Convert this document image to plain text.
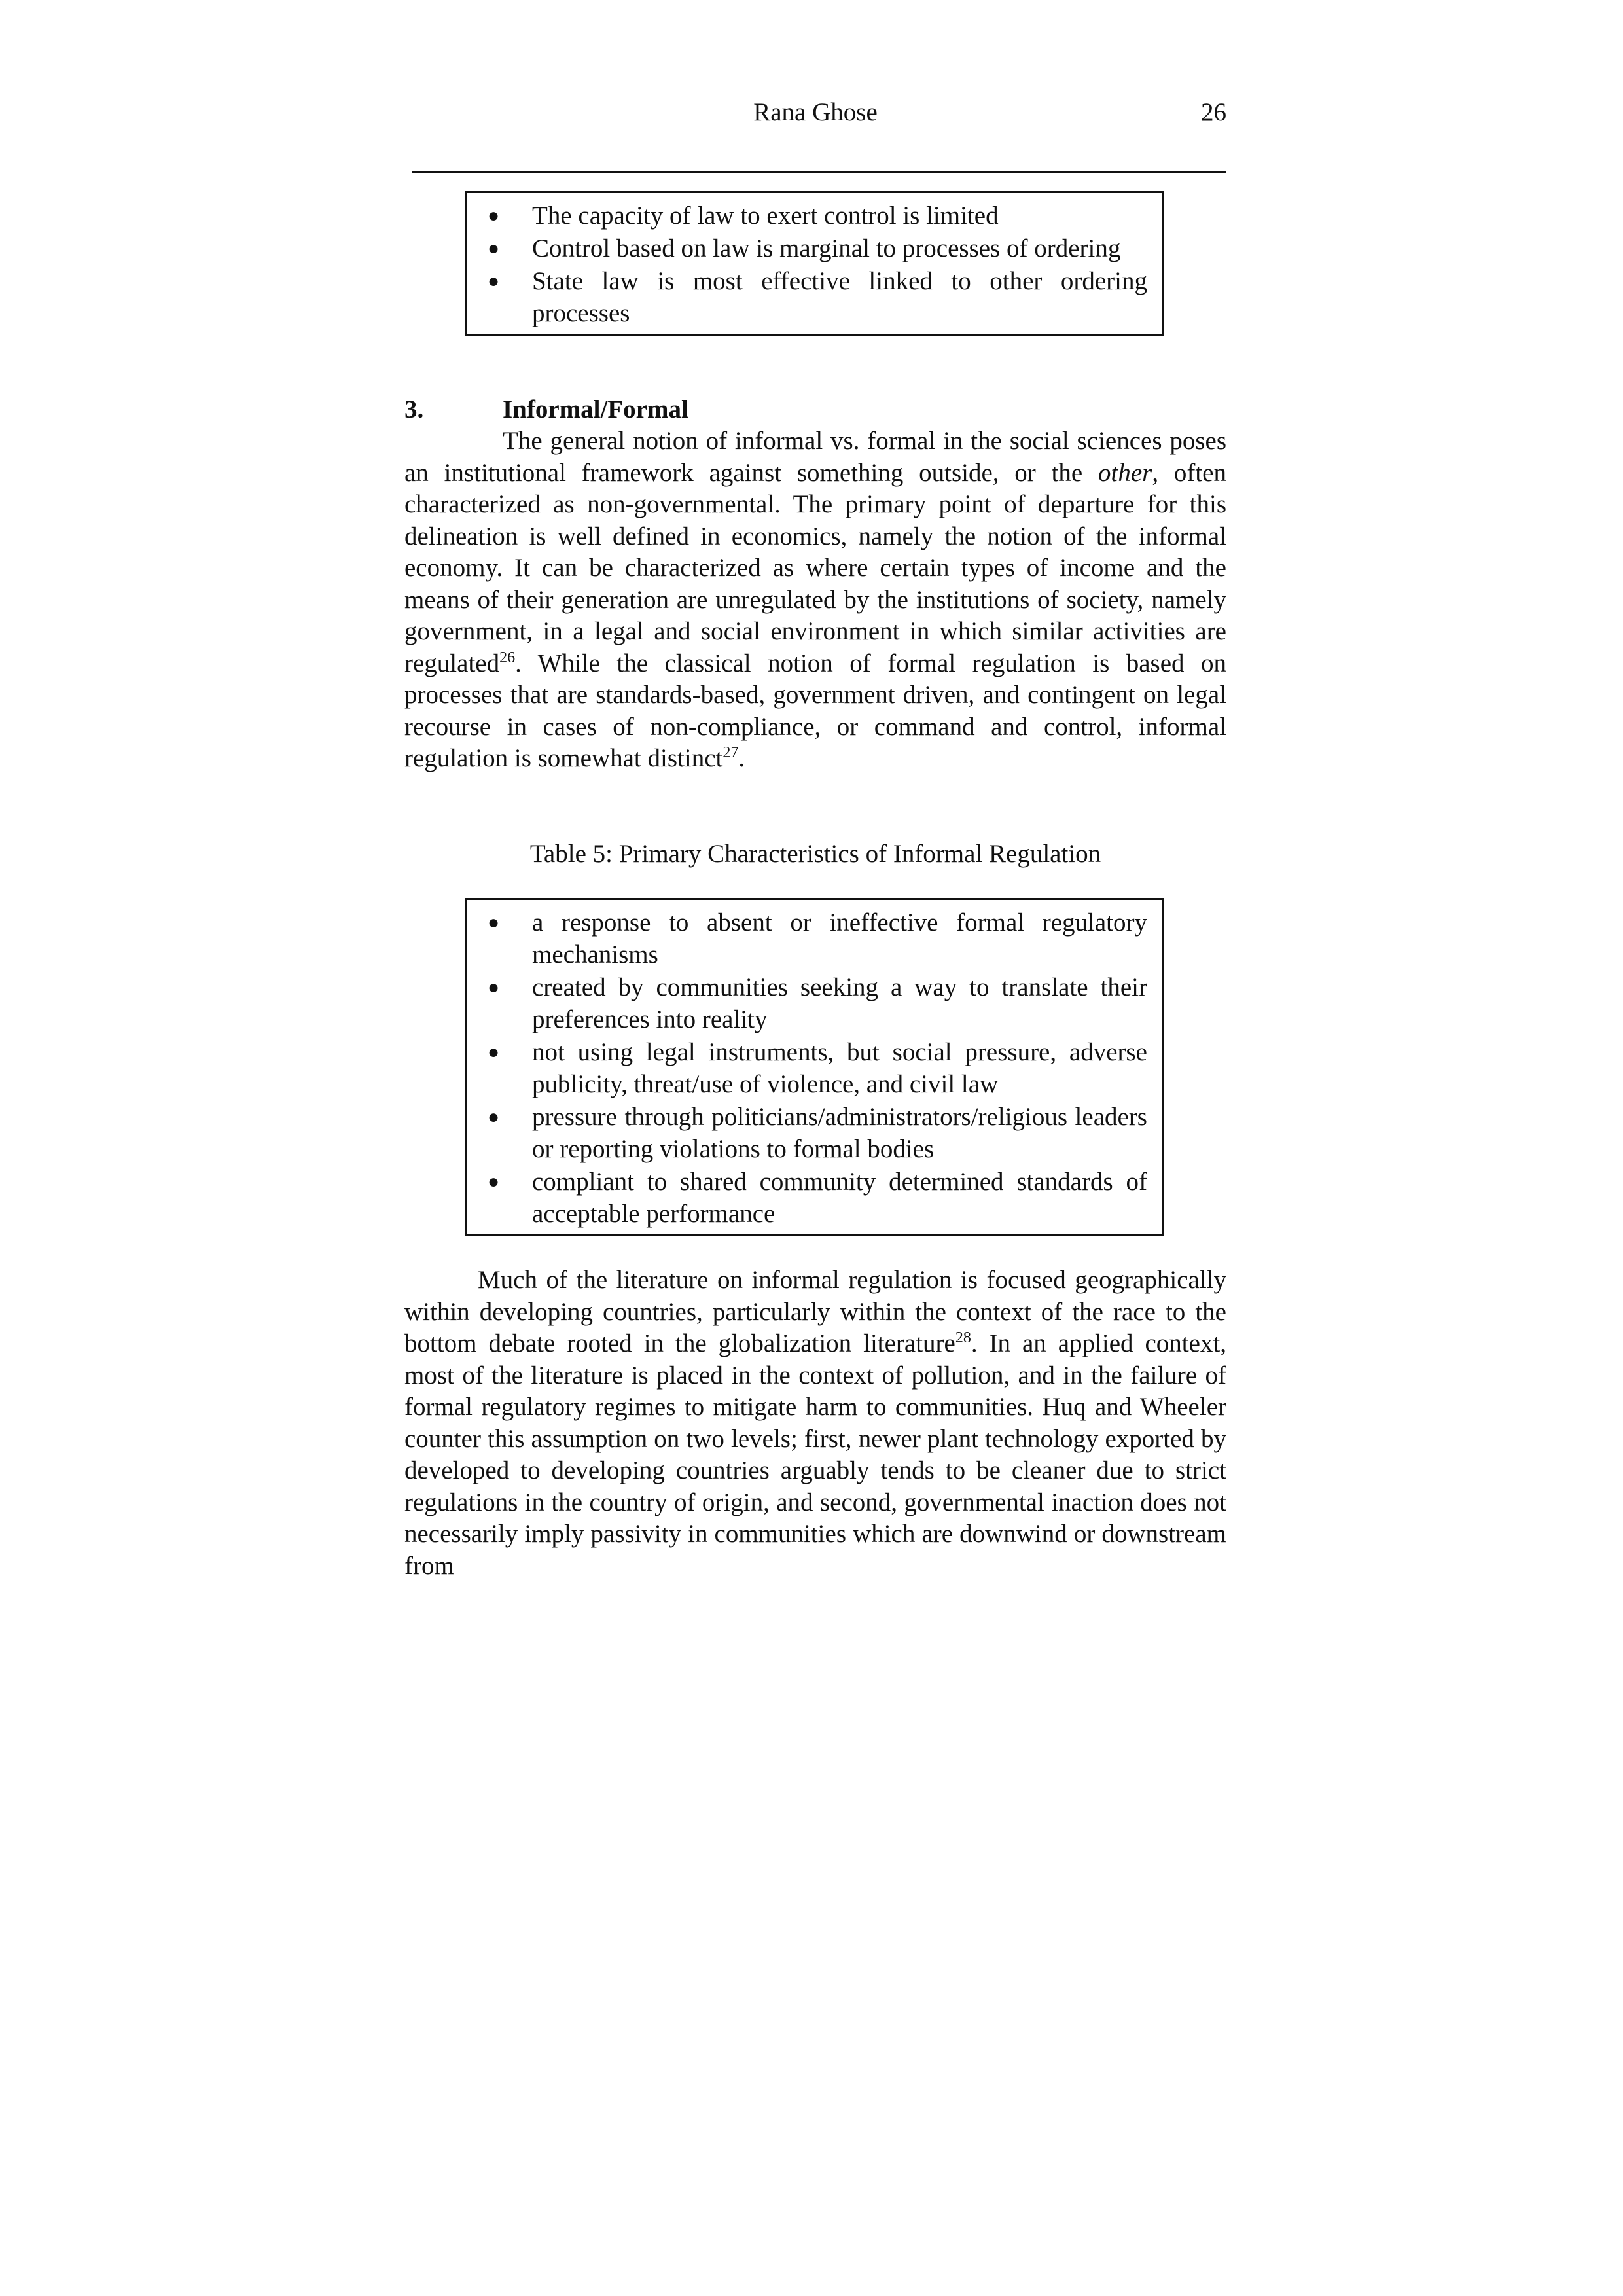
Rana Ghose	26
● The capacity of law to exert control is limited
● Control based on law is marginal to processes of ordering
● State law is most effective linked to other ordering processes
3.	Informal/Formal

The general notion of informal vs. formal in the social sciences poses an institutional framework against something outside, or the other, often characterized as non-governmental. The primary point of departure for this delineation is well defined in economics, namely the notion of the informal economy. It can be characterized as where certain types of income and the means of their generation are unregulated by the institutions of society, namely government, in a legal and social environment in which similar activities are regulated$^{26}$. While the classical notion of formal regulation is based on processes that are standards-based, government driven, and contingent on legal recourse in cases of non-compliance, or command and control, informal regulation is somewhat distinct$^{27}$.

Table 5: Primary Characteristics of Informal Regulation
● a response to absent or ineffective formal regulatory mechanisms
● created by communities seeking a way to translate their preferences into reality
● not using legal instruments, but social pressure, adverse publicity, threat/use of violence, and civil law
● pressure through politicians/administrators/religious leaders or reporting violations to formal bodies
● compliant to shared community determined standards of acceptable performance

Much of the literature on informal regulation is focused geographically within developing countries, particularly within the context of the race to the bottom debate rooted in the globalization literature$^{28}$. In an applied context, most of the literature is placed in the context of pollution, and in the failure of formal regulatory regimes to mitigate harm to communities. Huq and Wheeler counter this assumption on two levels; first, newer plant technology exported by developed to developing countries arguably tends to be cleaner due to strict regulations in the country of origin, and second, governmental inaction does not necessarily imply passivity in communities which are downwind or downstream from
